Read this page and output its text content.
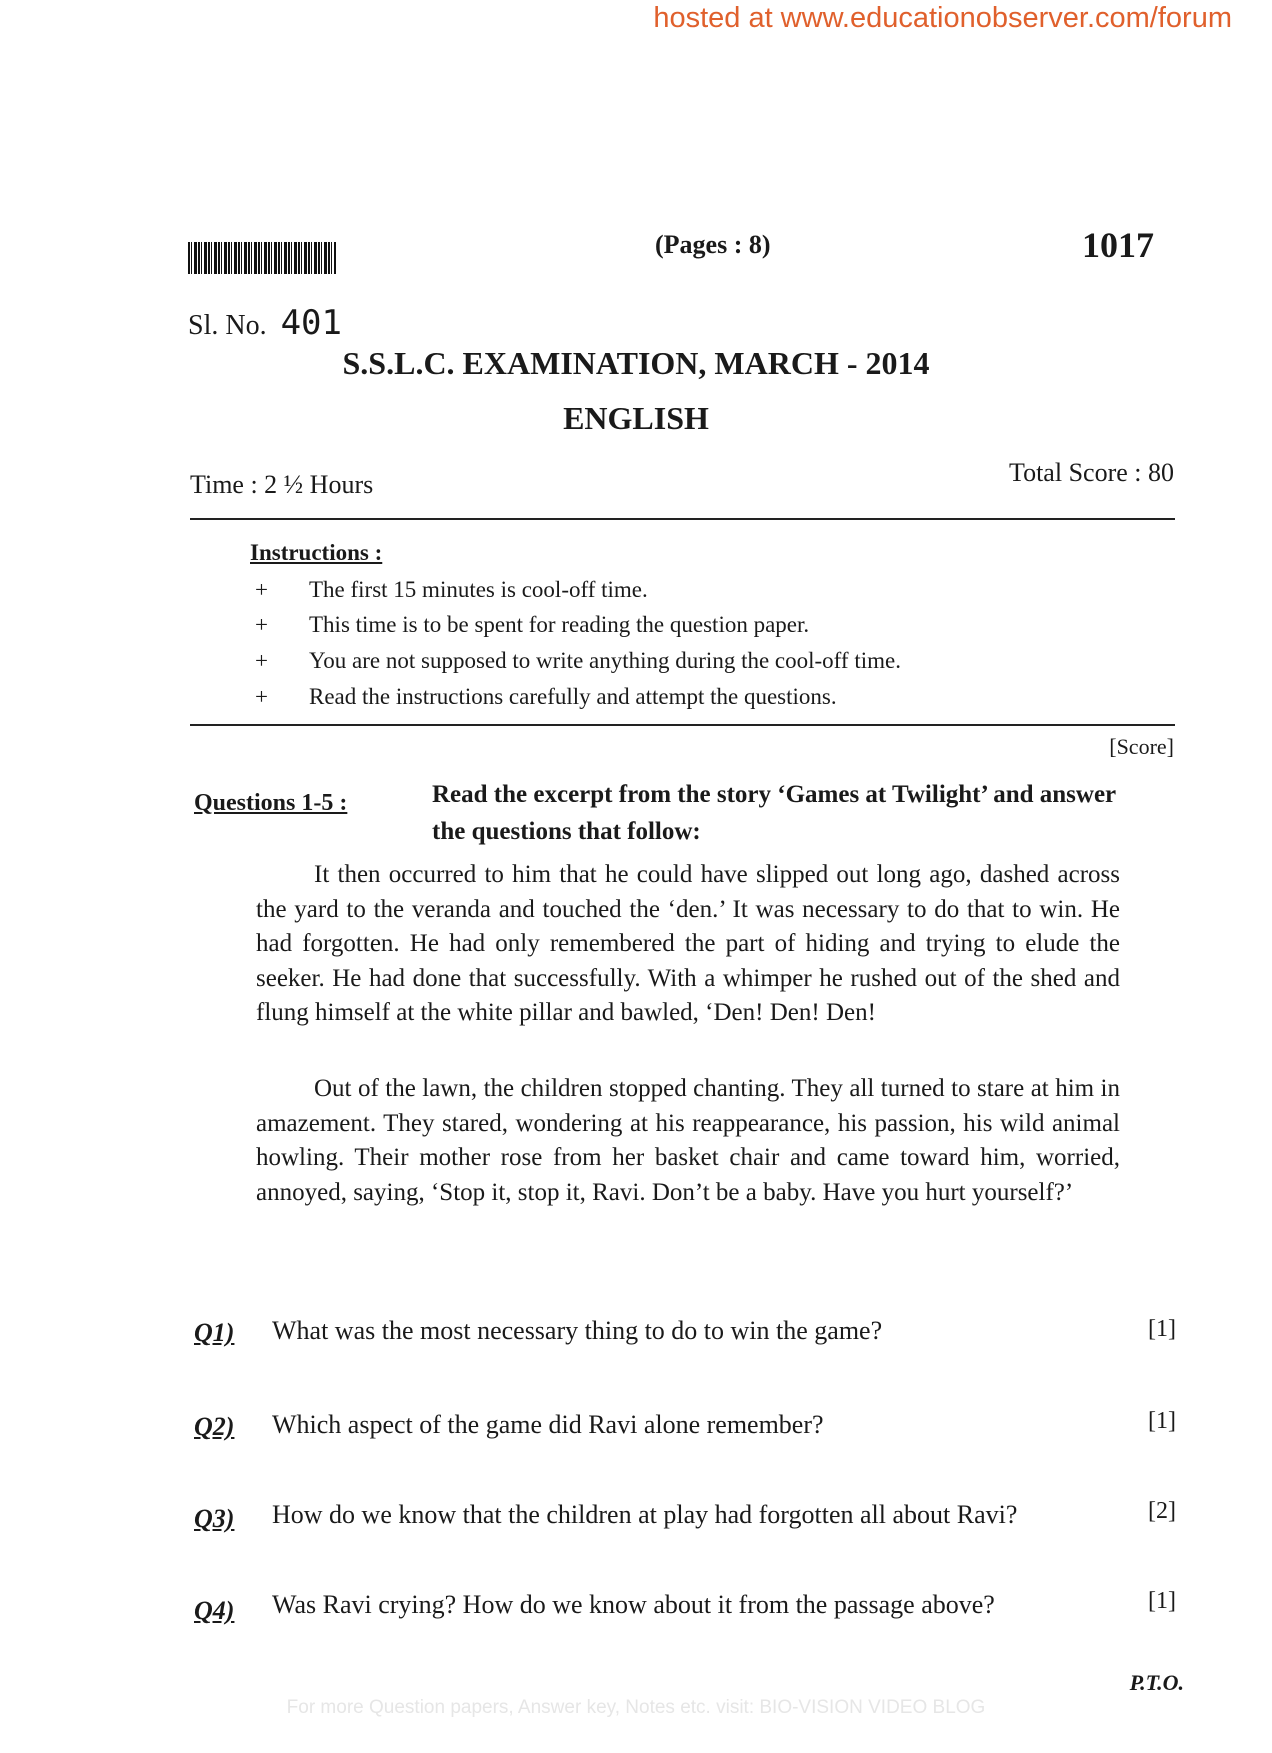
hosted at www.educationobserver.com/forum
(Pages : 8)	1017
Sl. No. 401
S.S.L.C. EXAMINATION, MARCH - 2014
ENGLISH
Time : 2 ½ Hours	Total Score : 80
Instructions :
+ The first 15 minutes is cool-off time.
+ This time is to be spent for reading the question paper.
+ You are not supposed to write anything during the cool-off time.
+ Read the instructions carefully and attempt the questions.
[Score]
Questions 1-5 :	Read the excerpt from the story ‘Games at Twilight’ and answer the questions that follow:

It then occurred to him that he could have slipped out long ago, dashed across the yard to the veranda and touched the ‘den.’ It was necessary to do that to win. He had forgotten. He had only remembered the part of hiding and trying to elude the seeker. He had done that successfully. With a whimper he rushed out of the shed and flung himself at the white pillar and bawled, ‘Den! Den! Den!

Out of the lawn, the children stopped chanting. They all turned to stare at him in amazement. They stared, wondering at his reappearance, his passion, his wild animal howling. Their mother rose from her basket chair and came toward him, worried, annoyed, saying, ‘Stop it, stop it, Ravi. Don’t be a baby. Have you hurt yourself?’

Q1) What was the most necessary thing to do to win the game?	[1]
Q2) Which aspect of the game did Ravi alone remember?	[1]
Q3) How do we know that the children at play had forgotten all about Ravi?	[2]
Q4) Was Ravi crying? How do we know about it from the passage above?	[1]
P.T.O.
For more Question papers, Answer key, Notes etc. visit: BIO-VISION VIDEO BLOG
